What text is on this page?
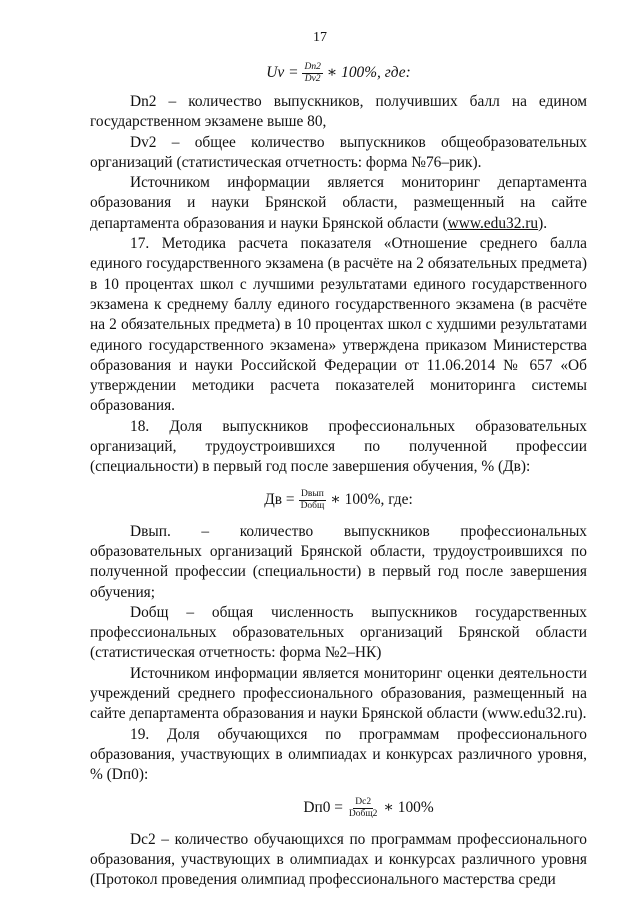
17
$Uv = \frac{Dn2}{Dv2}$ ∗ 100%, где:

Dn2 – количество выпускников, получивших балл на едином государственном экзамене выше 80,

Dv2 – общее количество выпускников общеобразовательных организаций (статистическая отчетность: форма №76–рик).

Источником информации является мониторинг департамента образования и науки Брянской области, размещенный на сайте департамента образования и науки Брянской области (www.edu32.ru).

17. Методика расчета показателя «Отношение среднего балла единого государственного экзамена (в расчёте на 2 обязательных предмета) в 10 процентах школ с лучшими результатами единого государственного экзамена к среднему баллу единого государственного экзамена (в расчёте на 2 обязательных предмета) в 10 процентах школ с худшими результатами единого государственного экзамена» утверждена приказом Министерства образования и науки Российской Федерации от 11.06.2014 № 657 «Об утверждении методики расчета показателей мониторинга системы образования.

18. Доля выпускников профессиональных образовательных организаций, трудоустроившихся по полученной профессии (специальности) в первый год после завершения обучения, % (Дв):

Дв = $\frac{\text{Dвып}}{\text{Dобщ}}$ ∗ 100%, где:

Dвып. – количество выпускников профессиональных образовательных организаций Брянской области, трудоустроившихся по полученной профессии (специальности) в первый год после завершения обучения;

Dобщ – общая численность выпускников государственных профессиональных образовательных организаций Брянской области (статистическая отчетность: форма №2–НК)

Источником информации является мониторинг оценки деятельности учреждений среднего профессионального образования, размещенный на сайте департамента образования и науки Брянской области (www.edu32.ru).

19. Доля обучающихся по программам профессионального образования, участвующих в олимпиадах и конкурсах различного уровня, % (Dп0):

$Dп0 = \frac{Dc2}{\text{Dобщ2}}$ ∗ 100%

Dc2 – количество обучающихся по программам профессионального образования, участвующих в олимпиадах и конкурсах различного уровня (Протокол проведения олимпиад профессионального мастерства среди
